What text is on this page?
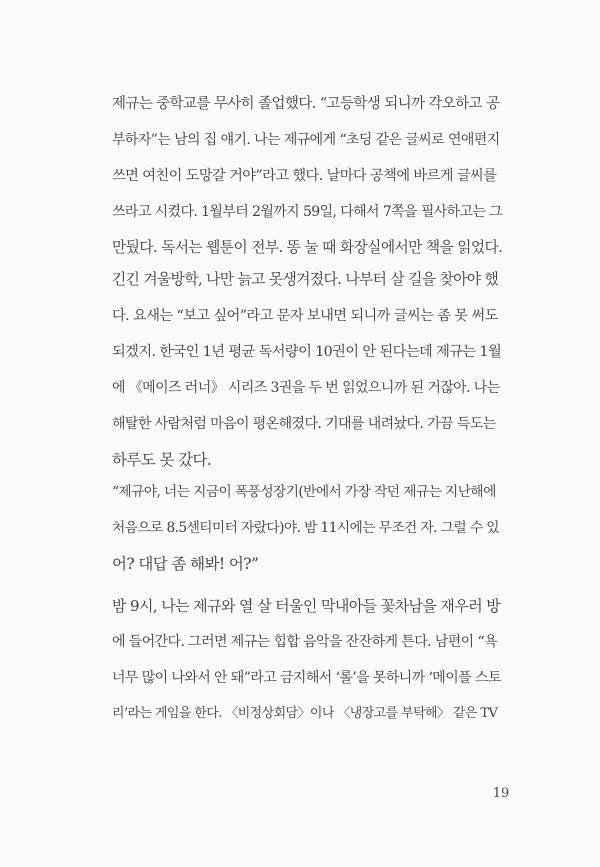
제규는 중학교를 무사히 졸업했다. “고등학생 되니까 각오하고 공
부하자”는 남의 집 얘기. 나는 제규에게 “초딩 같은 글씨로 연애편지
쓰면 여친이 도망갈 거야”라고 했다. 날마다 공책에 바르게 글씨를
쓰라고 시켰다. 1월부터 2월까지 59일, 다해서 7쪽을 필사하고는 그
만뒀다. 독서는 웹툰이 전부. 똥 눌 때 화장실에서만 책을 읽었다.
긴긴 겨울방학, 나만 늙고 못생겨졌다. 나부터 살 길을 찾아야 했
다. 요새는 “보고 싶어”라고 문자 보내면 되니까 글씨는 좀 못 써도
되겠지. 한국인 1년 평균 독서량이 10권이 안 된다는데 제규는 1월
에 《메이즈 러너》 시리즈 3권을 두 번 읽었으니까 된 거잖아. 나는
해탈한 사람처럼 마음이 평온해졌다. 기대를 내려놨다. 가끔 득도는
하루도 못 갔다.
“제규야, 너는 지금이 폭풍성장기(반에서 가장 작던 제규는 지난해에
처음으로 8.5센티미터 자랐다)야. 밤 11시에는 무조건 자. 그럴 수 있
어? 대답 좀 해봐! 어?”
밤 9시, 나는 제규와 열 살 터울인 막내아들 꽃차남을 재우러 방
에 들어간다. 그러면 제규는 힙합 음악을 잔잔하게 튼다. 남편이 “욕
너무 많이 나와서 안 돼”라고 금지해서 ‘롤’을 못하니까 ‘메이플 스토
리’라는 게임을 한다. 〈비정상회담〉이나 〈냉장고를 부탁해〉 같은 TV
19
